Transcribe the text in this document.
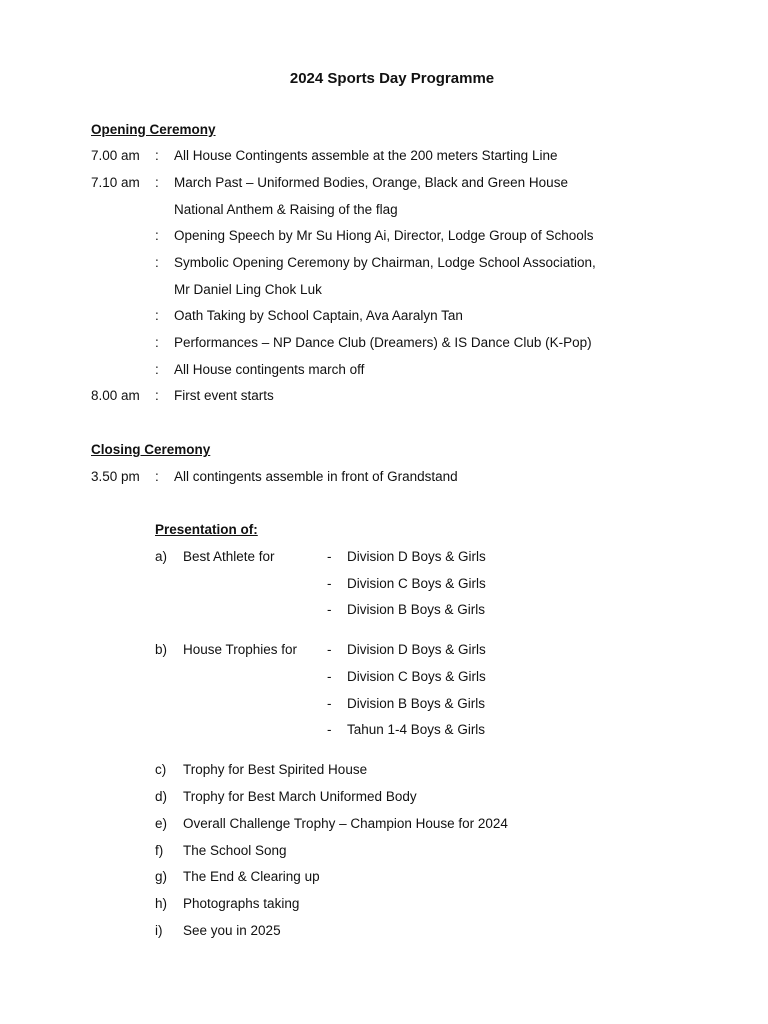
2024 Sports Day Programme
Opening Ceremony
7.00 am : All House Contingents assemble at the 200 meters Starting Line
7.10 am : March Past – Uniformed Bodies, Orange, Black and Green House
National Anthem & Raising of the flag
: Opening Speech by Mr Su Hiong Ai, Director, Lodge Group of Schools
: Symbolic Opening Ceremony by Chairman, Lodge School Association,
Mr Daniel Ling Chok Luk
: Oath Taking by School Captain, Ava Aaralyn Tan
: Performances – NP Dance Club (Dreamers) & IS Dance Club (K-Pop)
: All House contingents march off
8.00 am : First event starts
Closing Ceremony
3.50 pm : All contingents assemble in front of Grandstand
Presentation of:
a) Best Athlete for	- Division D Boys & Girls
- Division C Boys & Girls
- Division B Boys & Girls
b) House Trophies for - Division D Boys & Girls
- Division C Boys & Girls
- Division B Boys & Girls
- Tahun 1-4 Boys & Girls
c) Trophy for Best Spirited House
d) Trophy for Best March Uniformed Body
e) Overall Challenge Trophy – Champion House for 2024
f) The School Song
g) The End & Clearing up
h) Photographs taking
i) See you in 2025
